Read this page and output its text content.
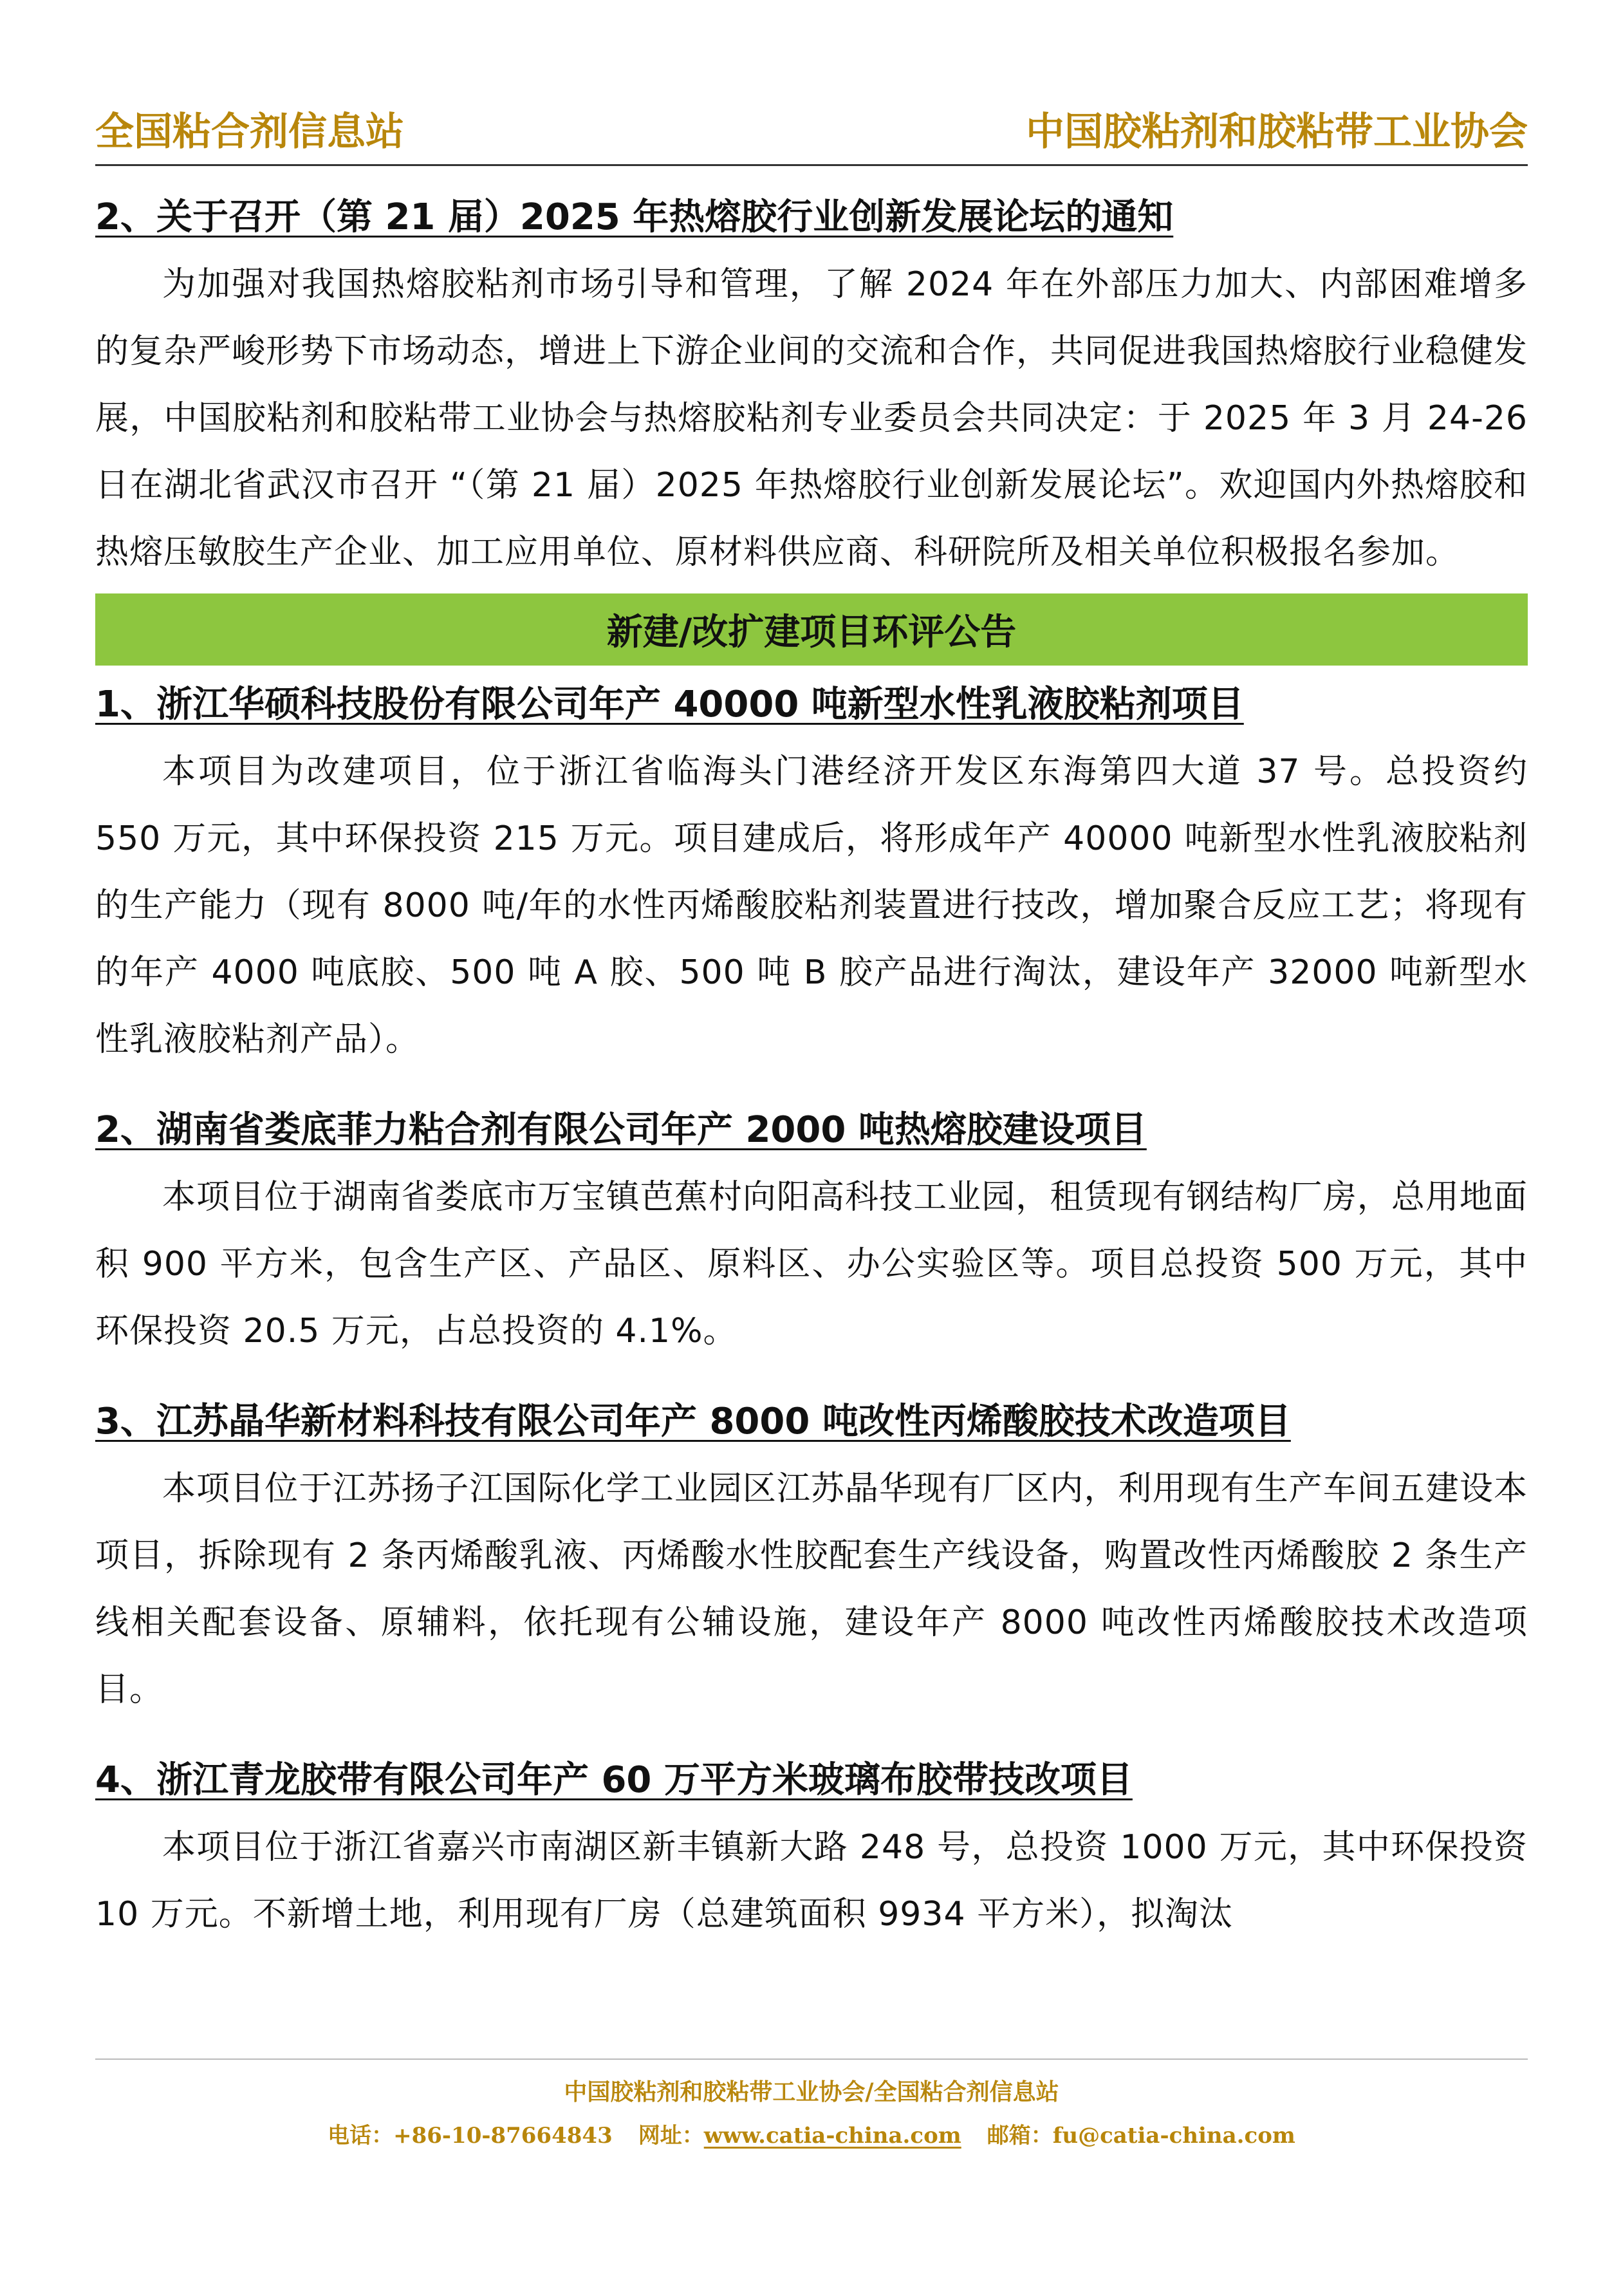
全国粘合剂信息站	中国胶粘剂和胶粘带工业协会

2、关于召开（第 21 届）2025 年热熔胶行业创新发展论坛的通知

为加强对我国热熔胶粘剂市场引导和管理，了解 2024 年在外部压力加大、内部困难增多的复杂严峻形势下市场动态，增进上下游企业间的交流和合作，共同促进我国热熔胶行业稳健发展，中国胶粘剂和胶粘带工业协会与热熔胶粘剂专业委员会共同决定：于 2025 年 3 月 24-26 日在湖北省武汉市召开 “（第 21 届）2025 年热熔胶行业创新发展论坛”。欢迎国内外热熔胶和热熔压敏胶生产企业、加工应用单位、原材料供应商、科研院所及相关单位积极报名参加。

新建/改扩建项目环评公告

1、浙江华硕科技股份有限公司年产 40000 吨新型水性乳液胶粘剂项目

本项目为改建项目，位于浙江省临海头门港经济开发区东海第四大道 37 号。总投资约 550 万元，其中环保投资 215 万元。项目建成后，将形成年产 40000 吨新型水性乳液胶粘剂的生产能力（现有 8000 吨/年的水性丙烯酸胶粘剂装置进行技改，增加聚合反应工艺；将现有的年产 4000 吨底胶、500 吨 A 胶、500 吨 B 胶产品进行淘汰，建设年产 32000 吨新型水性乳液胶粘剂产品）。

2、湖南省娄底菲力粘合剂有限公司年产 2000 吨热熔胶建设项目

本项目位于湖南省娄底市万宝镇芭蕉村向阳高科技工业园，租赁现有钢结构厂房，总用地面积 900 平方米，包含生产区、产品区、原料区、办公实验区等。项目总投资 500 万元，其中环保投资 20.5 万元，占总投资的 4.1%。

3、江苏晶华新材料科技有限公司年产 8000 吨改性丙烯酸胶技术改造项目

本项目位于江苏扬子江国际化学工业园区江苏晶华现有厂区内，利用现有生产车间五建设本项目，拆除现有 2 条丙烯酸乳液、丙烯酸水性胶配套生产线设备，购置改性丙烯酸胶 2 条生产线相关配套设备、原辅料，依托现有公辅设施，建设年产 8000 吨改性丙烯酸胶技术改造项目。

4、浙江青龙胶带有限公司年产 60 万平方米玻璃布胶带技改项目

本项目位于浙江省嘉兴市南湖区新丰镇新大路 248 号，总投资 1000 万元，其中环保投资 10 万元。不新增土地，利用现有厂房（总建筑面积 9934 平方米），拟淘汰

中国胶粘剂和胶粘带工业协会/全国粘合剂信息站
电话：+86-10-87664843 网址：www.catia-china.com 邮箱：fu@catia-china.com
